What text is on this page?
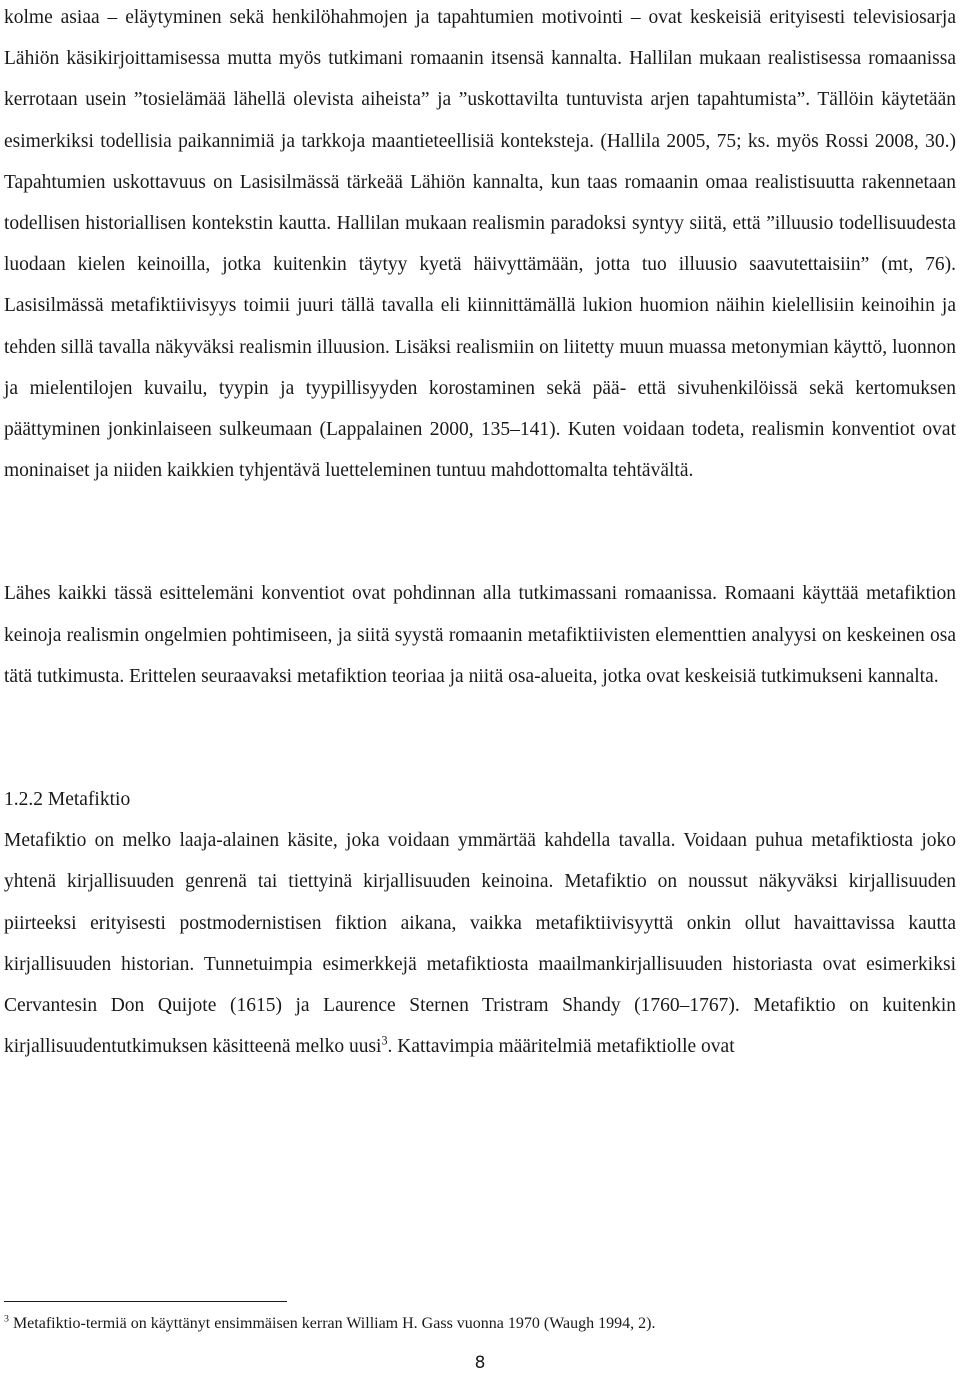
kolme asiaa – eläytyminen sekä henkilöhahmojen ja tapahtumien motivointi – ovat keskeisiä erityisesti televisiosarja Lähiön käsikirjoittamisessa mutta myös tutkimani romaanin itsensä kannalta. Hallilan mukaan realistisessa romaanissa kerrotaan usein ”tosielämää lähellä olevista aiheista” ja ”uskottavilta tuntuvista arjen tapahtumista”. Tällöin käytetään esimerkiksi todellisia paikannimiä ja tarkkoja maantieteellisiä konteksteja. (Hallila 2005, 75; ks. myös Rossi 2008, 30.) Tapahtumien uskottavuus on Lasisilmässä tärkeää Lähiön kannalta, kun taas romaanin omaa realistisuutta rakennetaan todellisen historiallisen kontekstin kautta. Hallilan mukaan realismin paradoksi syntyy siitä, että ”illuusio todellisuudesta luodaan kielen keinoilla, jotka kuitenkin täytyy kyetä häivyttämään, jotta tuo illuusio saavutettaisiin” (mt, 76). Lasisilmässä metafiktiivisyys toimii juuri tällä tavalla eli kiinnittämällä lukion huomion näihin kielellisiin keinoihin ja tehden sillä tavalla näkyväksi realismin illuusion. Lisäksi realismiin on liitetty muun muassa metonymian käyttö, luonnon ja mielentilojen kuvailu, tyypin ja tyypillisyyden korostaminen sekä pää- että sivuhenkilöissä sekä kertomuksen päättyminen jonkinlaiseen sulkeumaan (Lappalainen 2000, 135–141). Kuten voidaan todeta, realismin konventiot ovat moninaiset ja niiden kaikkien tyhjentävä luetteleminen tuntuu mahdottomalta tehtävältä.

Lähes kaikki tässä esittelemäni konventiot ovat pohdinnan alla tutkimassani romaanissa. Romaani käyttää metafiktion keinoja realismin ongelmien pohtimiseen, ja siitä syystä romaanin metafiktiivisten elementtien analyysi on keskeinen osa tätä tutkimusta. Erittelen seuraavaksi metafiktion teoriaa ja niitä osa-alueita, jotka ovat keskeisiä tutkimukseni kannalta.

1.2.2 Metafiktio

Metafiktio on melko laaja-alainen käsite, joka voidaan ymmärtää kahdella tavalla. Voidaan puhua metafiktiosta joko yhtenä kirjallisuuden genrenä tai tiettyinä kirjallisuuden keinoina. Metafiktio on noussut näkyväksi kirjallisuuden piirteeksi erityisesti postmodernistisen fiktion aikana, vaikka metafiktiivisyyttä onkin ollut havaittavissa kautta kirjallisuuden historian. Tunnetuimpia esimerkkejä metafiktiosta maailmankirjallisuuden historiasta ovat esimerkiksi Cervantesin Don Quijote (1615) ja Laurence Sternen Tristram Shandy (1760–1767). Metafiktio on kuitenkin kirjallisuudentutkimuksen käsitteenä melko uusi$^3$. Kattavimpia määritelmiä metafiktiolle ovat

$^3$ Metafiktio-termiä on käyttänyt ensimmäisen kerran William H. Gass vuonna 1970 (Waugh 1994, 2).

8
